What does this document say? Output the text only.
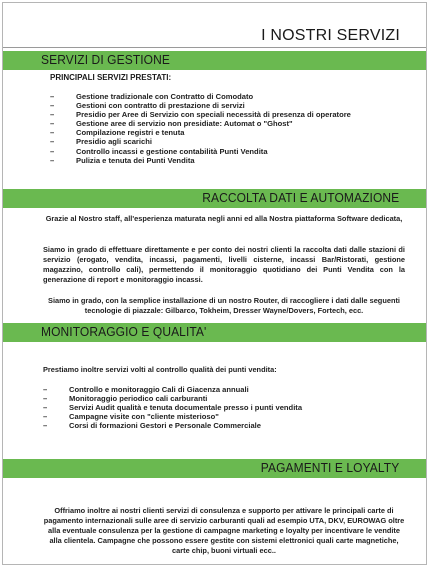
I NOSTRI SERVIZI
SERVIZI DI GESTIONE
PRINCIPALI SERVIZI PRESTATI:
–	Gestione tradizionale con Contratto di Comodato
–	Gestioni con contratto di prestazione di servizi
–	Presidio per Aree di Servizio con speciali necessità di presenza di operatore
–	Gestione aree di servizio non presidiate: Automat o "Ghost"
–	Compilazione registri e tenuta
–	Presidio agli scarichi
–	Controllo incassi e gestione contabilità Punti Vendita
–	Pulizia e tenuta dei Punti Vendita
RACCOLTA DATI E AUTOMAZIONE

Grazie al Nostro staff, all'esperienza maturata negli anni ed alla Nostra piattaforma Software dedicata,

Siamo in grado di effettuare direttamente e per conto dei nostri clienti la raccolta dati dalle stazioni di servizio (erogato, vendita, incassi, pagamenti, livelli cisterne, incassi Bar/Ristorati, gestione magazzino, controllo cali), permettendo il monitoraggio quotidiano dei Punti Vendita con la generazione di report e monitoraggio incassi.

Siamo in grado, con la semplice installazione di un nostro Router, di raccogliere i dati dalle seguenti tecnologie di piazzale: Gilbarco, Tokheim, Dresser Wayne/Dovers, Fortech, ecc.

MONITORAGGIO E QUALITA'

Prestiamo inoltre servizi volti al controllo qualità dei punti vendita:

–	Controllo e monitoraggio Cali di Giacenza annuali
–	Monitoraggio periodico cali carburanti
–	Servizi Audit qualità e tenuta documentale presso i punti vendita
–	Campagne visite con "cliente misterioso"
–	Corsi di formazioni Gestori e Personale Commerciale
PAGAMENTI E LOYALTY

Offriamo inoltre ai nostri clienti servizi di consulenza e supporto per attivare le principali carte di pagamento internazionali sulle aree di servizio carburanti quali ad esempio UTA, DKV, EUROWAG oltre alla eventuale consulenza per la gestione di campagne marketing e loyalty per incentivare le vendite alla clientela. Campagne che possono essere gestite con sistemi elettronici quali carte magnetiche, carte chip, buoni virtuali ecc..
